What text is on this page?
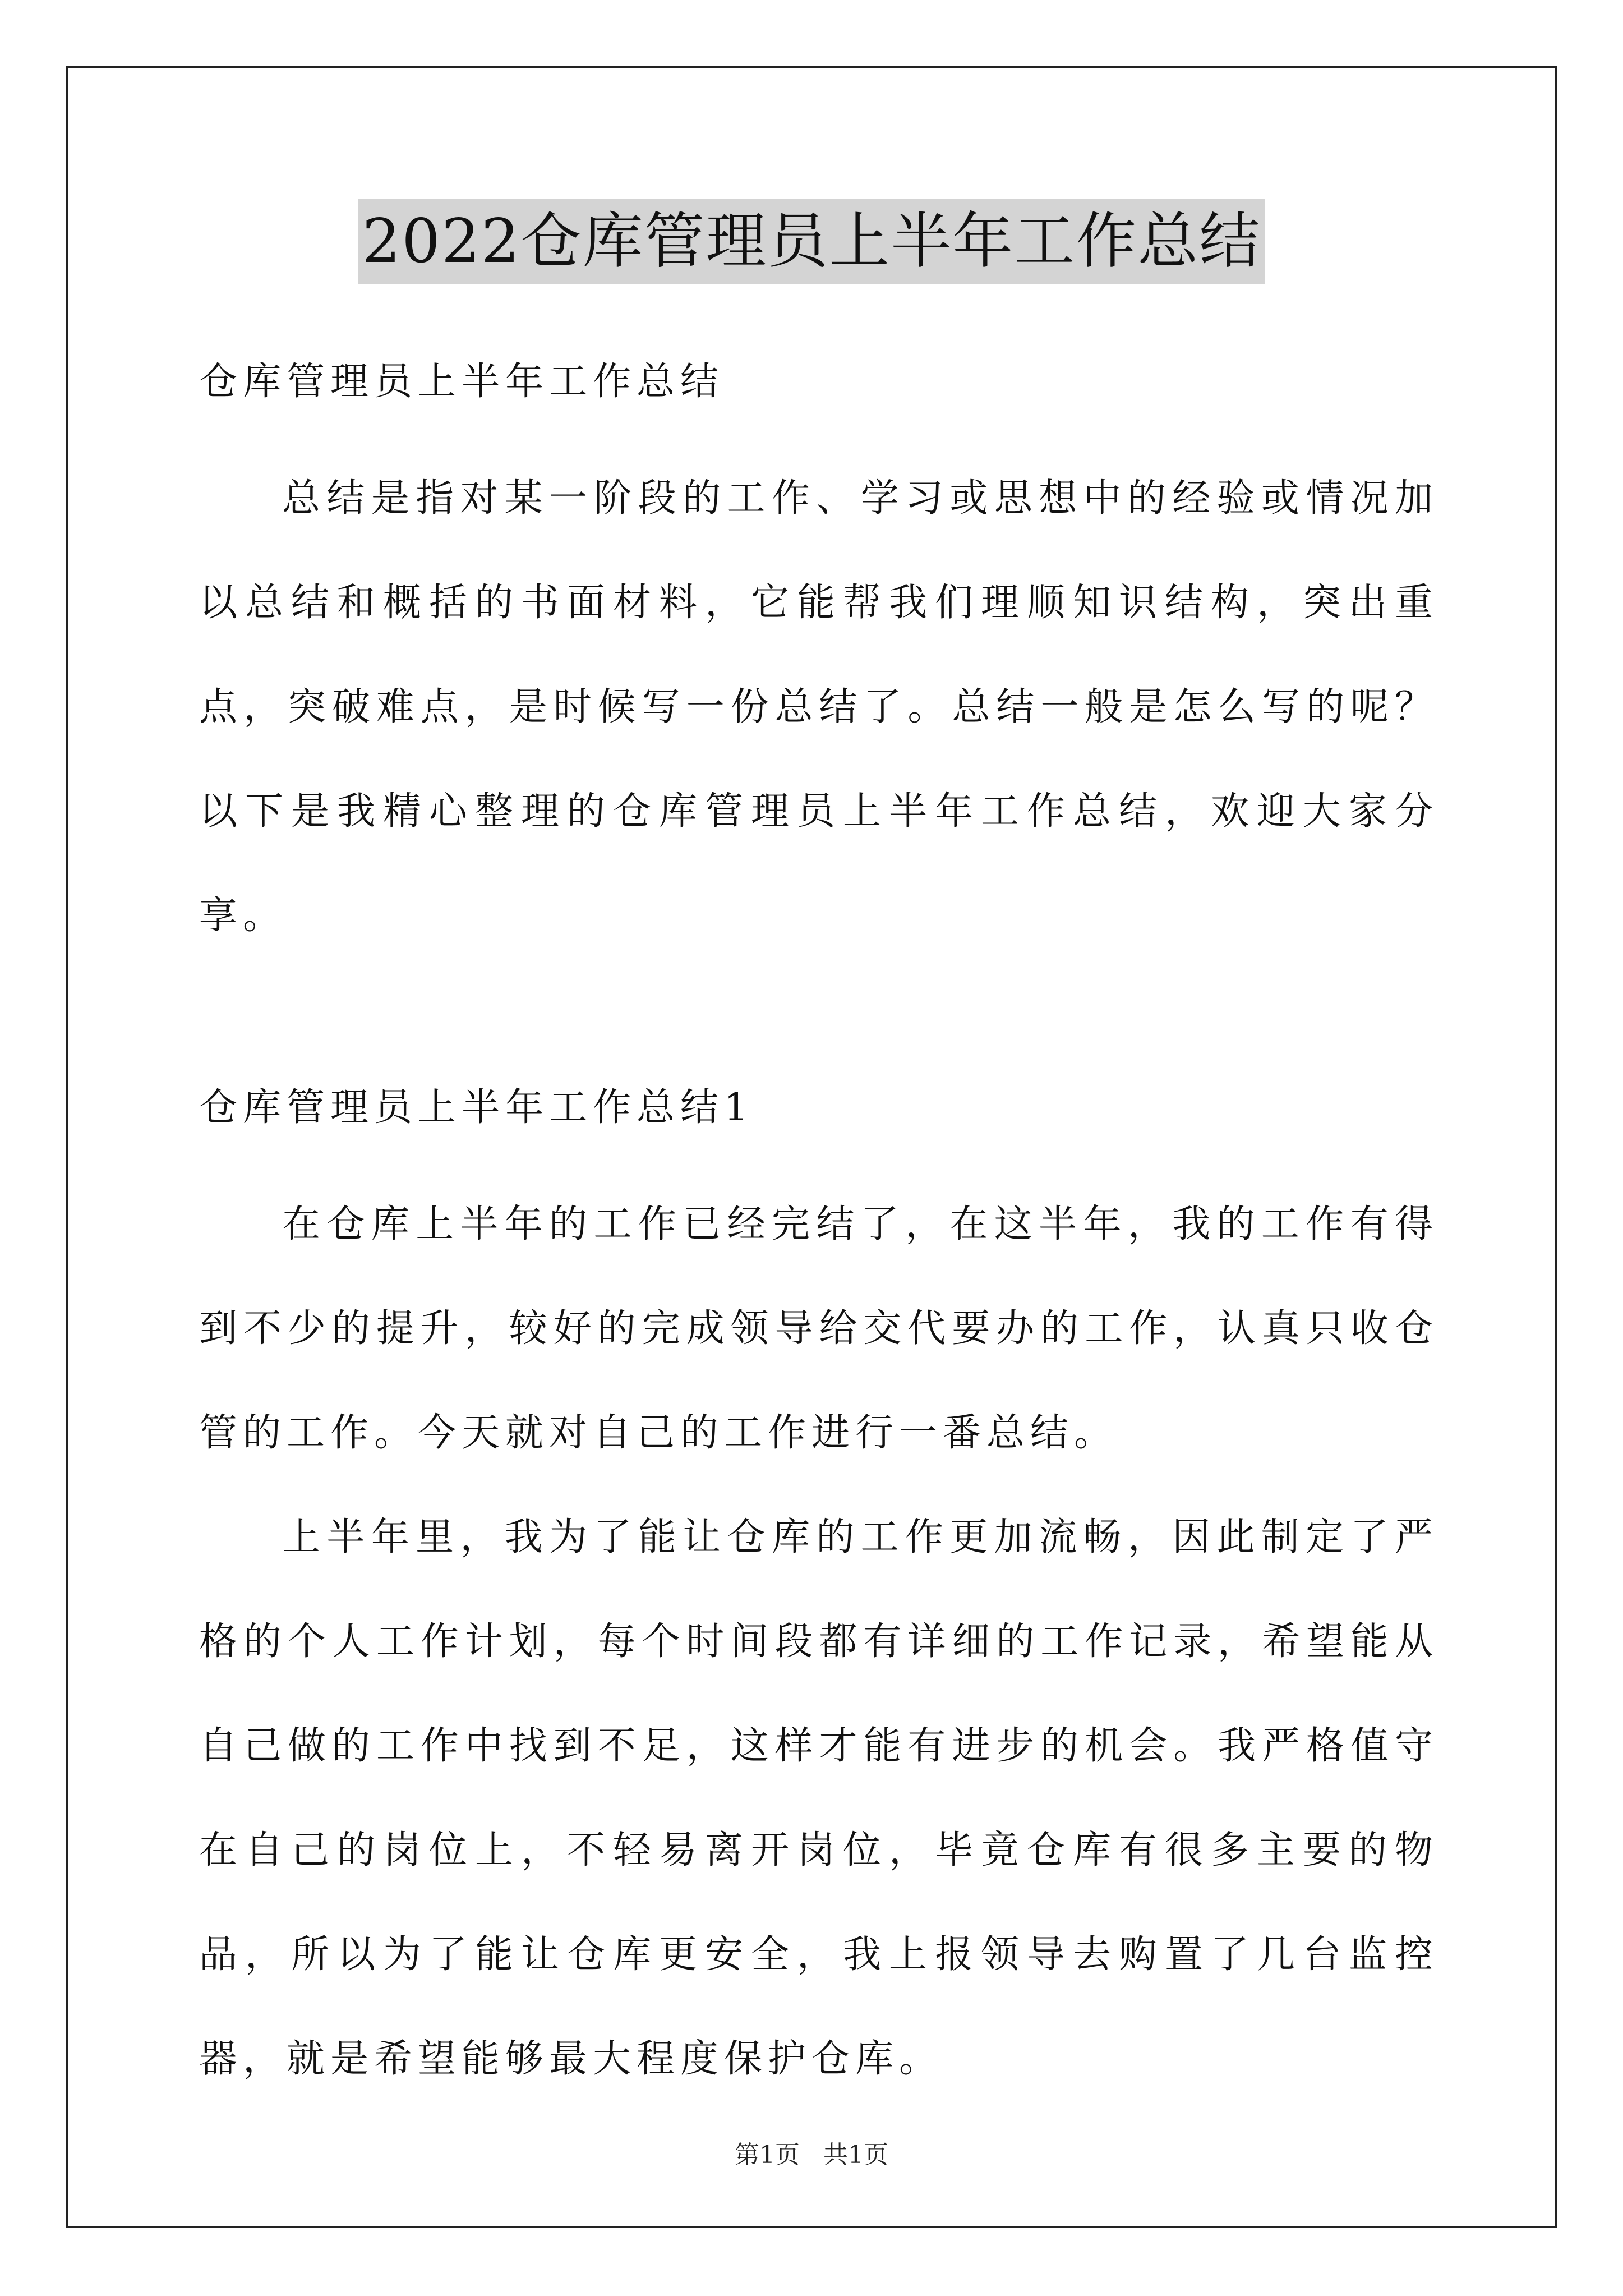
2022仓库管理员上半年工作总结

仓库管理员上半年工作总结

总结是指对某一阶段的工作、学习或思想中的经验或情况加以总结和概括的书面材料，它能帮我们理顺知识结构，突出重点，突破难点，是时候写一份总结了。总结一般是怎么写的呢？以下是我精心整理的仓库管理员上半年工作总结，欢迎大家分享。

仓库管理员上半年工作总结1

在仓库上半年的工作已经完结了，在这半年，我的工作有得到不少的提升，较好的完成领导给交代要办的工作，认真只收仓管的工作。今天就对自己的工作进行一番总结。

上半年里，我为了能让仓库的工作更加流畅，因此制定了严格的个人工作计划，每个时间段都有详细的工作记录，希望能从自己做的工作中找到不足，这样才能有进步的机会。我严格值守在自己的岗位上，不轻易离开岗位，毕竟仓库有很多主要的物品，所以为了能让仓库更安全，我上报领导去购置了几台监控器，就是希望能够最大程度保护仓库。

第1页   共1页
